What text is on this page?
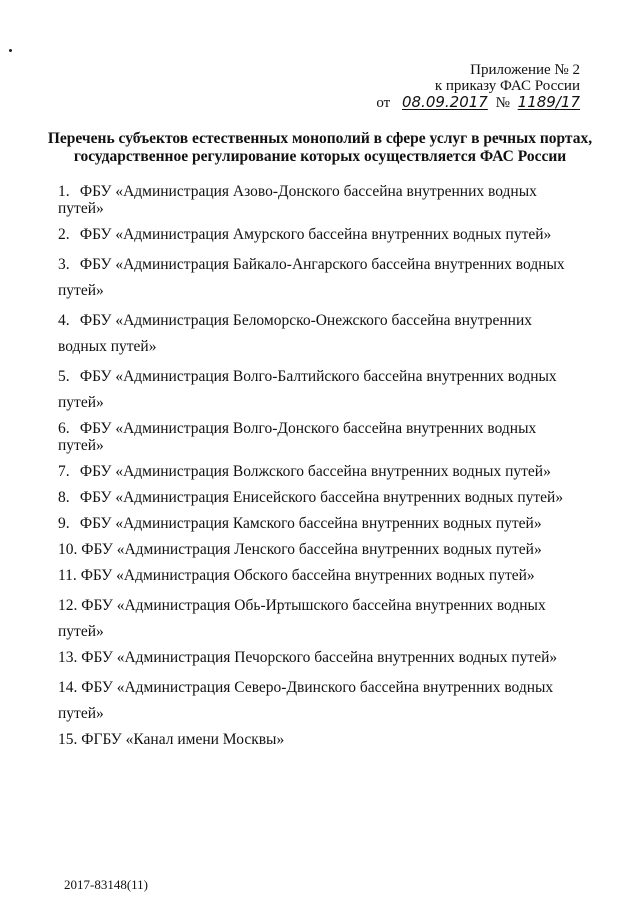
Приложение № 2
к приказу ФАС России
от 08.09.2017 № 1189/17
Перечень субъектов естественных монополий в сфере услуг в речных портах,
государственное регулирование которых осуществляется ФАС России
1. ФБУ «Администрация Азово-Донского бассейна внутренних водных путей»
2. ФБУ «Администрация Амурского бассейна внутренних водных путей»
3. ФБУ «Администрация Байкало-Ангарского бассейна внутренних водных путей»
4. ФБУ «Администрация Беломорско-Онежского бассейна внутренних водных путей»
5. ФБУ «Администрация Волго-Балтийского бассейна внутренних водных путей»
6. ФБУ «Администрация Волго-Донского бассейна внутренних водных путей»
7. ФБУ «Администрация Волжского бассейна внутренних водных путей»
8. ФБУ «Администрация Енисейского бассейна внутренних водных путей»
9. ФБУ «Администрация Камского бассейна внутренних водных путей»
10. ФБУ «Администрация Ленского бассейна внутренних водных путей»
11. ФБУ «Администрация Обского бассейна внутренних водных путей»
12. ФБУ «Администрация Обь-Иртышского бассейна внутренних водных путей»
13. ФБУ «Администрация Печорского бассейна внутренних водных путей»
14. ФБУ «Администрация Северо-Двинского бассейна внутренних водных путей»
15. ФГБУ «Канал имени Москвы»
2017-83148(11)
